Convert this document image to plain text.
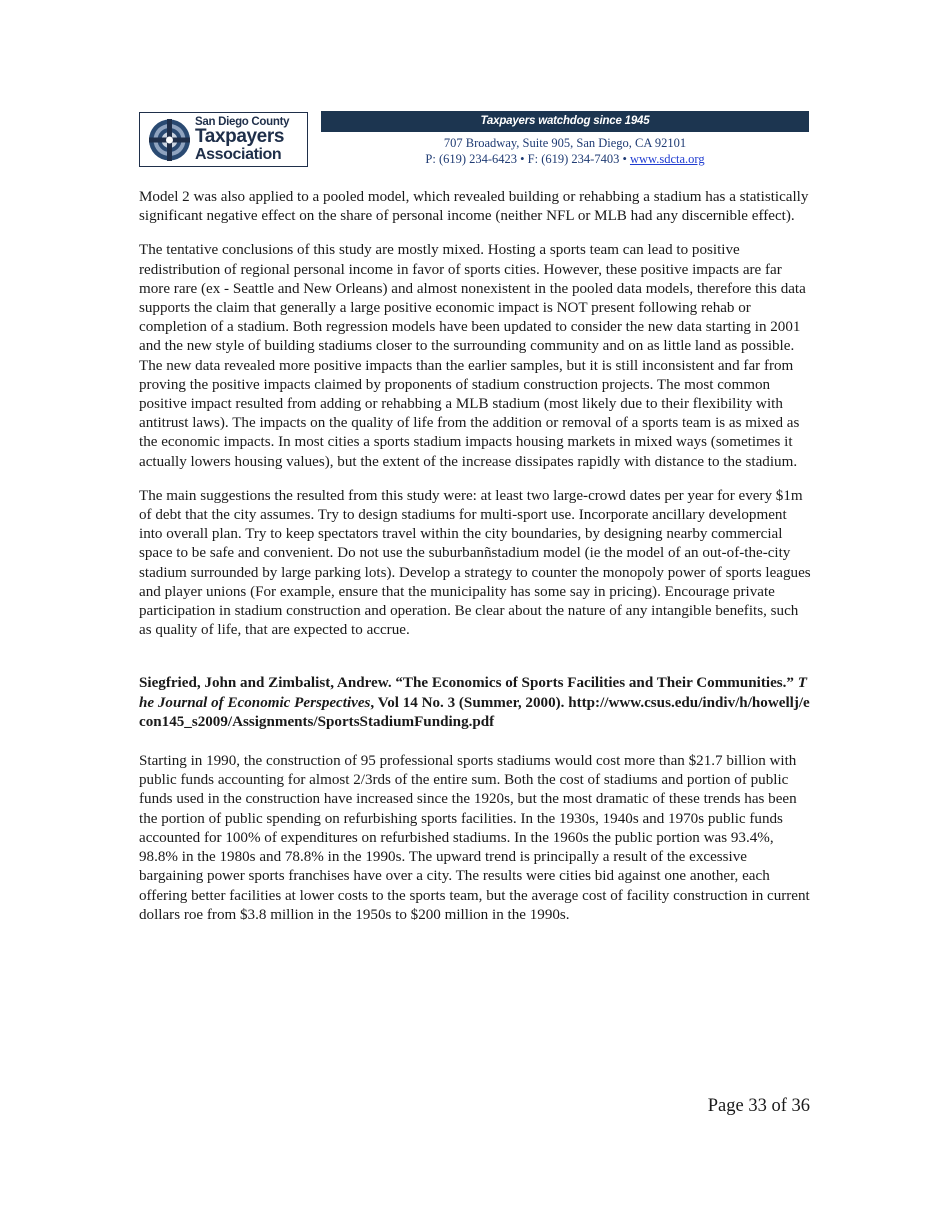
San Diego County
Taxpayers
Association
Taxpayers watchdog since 1945
707 Broadway, Suite 905, San Diego, CA 92101
P: (619) 234-6423 • F: (619) 234-7403 • www.sdcta.org

Model 2 was also applied to a pooled model, which revealed building or rehabbing a stadium has a statistically significant negative effect on the share of personal income (neither NFL or MLB had any discernible effect).

The tentative conclusions of this study are mostly mixed. Hosting a sports team can lead to positive redistribution of regional personal income in favor of sports cities. However, these positive impacts are far more rare (ex - Seattle and New Orleans) and almost nonexistent in the pooled data models, therefore this data supports the claim that generally a large positive economic impact is NOT present following rehab or completion of a stadium. Both regression models have been updated to consider the new data starting in 2001 and the new style of building stadiums closer to the surrounding community and on as little land as possible. The new data revealed more positive impacts than the earlier samples, but it is still inconsistent and far from proving the positive impacts claimed by proponents of stadium construction projects. The most common positive impact resulted from adding or rehabbing a MLB stadium (most likely due to their flexibility with antitrust laws). The impacts on the quality of life from the addition or removal of a sports team is as mixed as the economic impacts. In most cities a sports stadium impacts housing markets in mixed ways (sometimes it actually lowers housing values), but the extent of the increase dissipates rapidly with distance to the stadium.

The main suggestions the resulted from this study were: at least two large-crowd dates per year for every $1m of debt that the city assumes. Try to design stadiums for multi-sport use. Incorporate ancillary development into overall plan. Try to keep spectators travel within the city boundaries, by designing nearby commercial space to be safe and convenient. Do not use the suburbanñstadium model (ie the model of an out-of-the-city stadium surrounded by large parking lots). Develop a strategy to counter the monopoly power of sports leagues and player unions (For example, ensure that the municipality has some say in pricing). Encourage private participation in stadium construction and operation. Be clear about the nature of any intangible benefits, such as quality of life, that are expected to accrue.

Siegfried, John and Zimbalist, Andrew. “The Economics of Sports Facilities and Their Communities.” The Journal of Economic Perspectives, Vol 14 No. 3 (Summer, 2000). http://www.csus.edu/indiv/h/howellj/econ145_s2009/Assignments/SportsStadiumFunding.pdf

Starting in 1990, the construction of 95 professional sports stadiums would cost more than $21.7 billion with public funds accounting for almost 2/3rds of the entire sum. Both the cost of stadiums and portion of public funds used in the construction have increased since the 1920s, but the most dramatic of these trends has been the portion of public spending on refurbishing sports facilities. In the 1930s, 1940s and 1970s public funds accounted for 100% of expenditures on refurbished stadiums. In the 1960s the public portion was 93.4%, 98.8% in the 1980s and 78.8% in the 1990s. The upward trend is principally a result of the excessive bargaining power sports franchises have over a city. The results were cities bid against one another, each offering better facilities at lower costs to the sports team, but the average cost of facility construction in current dollars roe from $3.8 million in the 1950s to $200 million in the 1990s.

Page 33 of 36
